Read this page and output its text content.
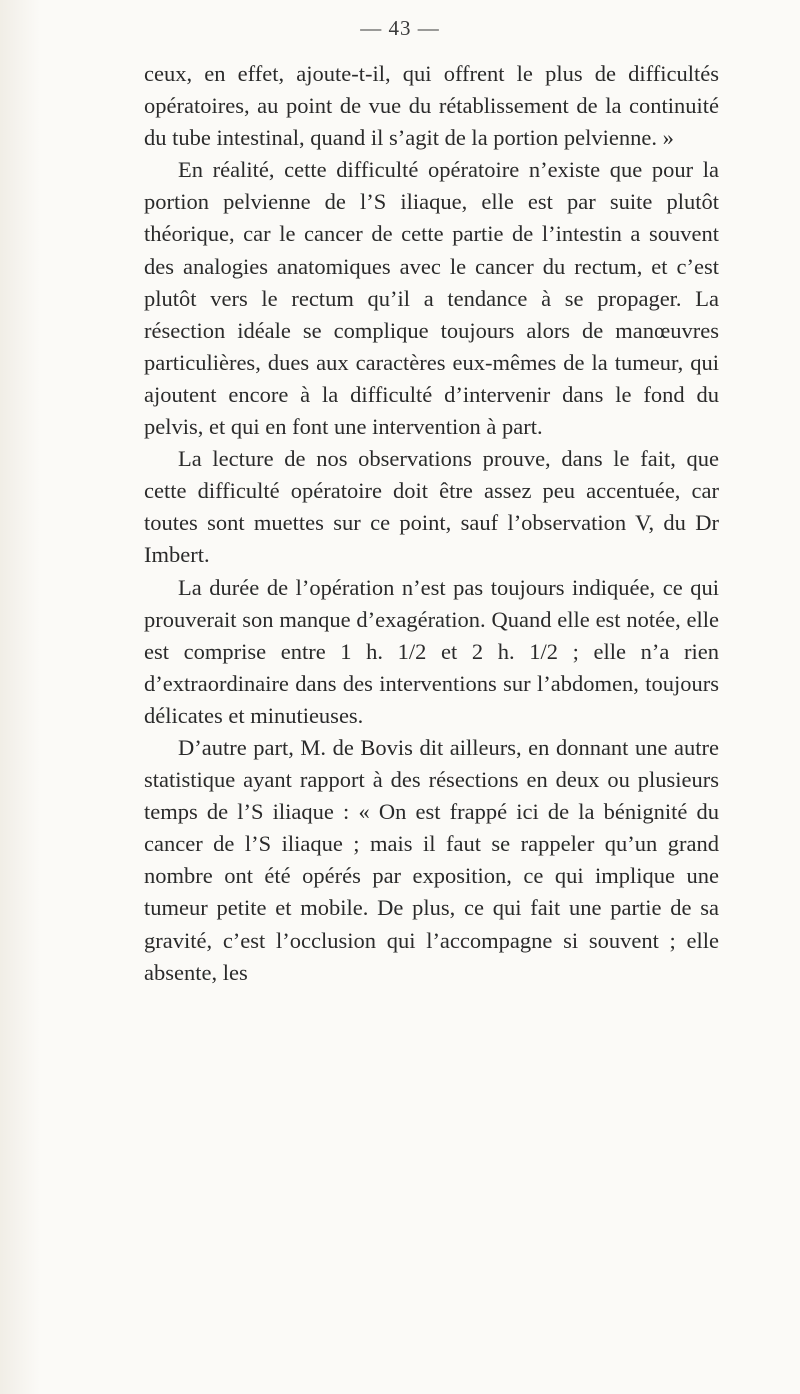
— 43 —

ceux, en effet, ajoute-t-il, qui offrent le plus de difficultés opératoires, au point de vue du rétablissement de la continuité du tube intestinal, quand il s’agit de la portion pelvienne. »

En réalité, cette difficulté opératoire n’existe que pour la portion pelvienne de l’S iliaque, elle est par suite plutôt théorique, car le cancer de cette partie de l’intestin a souvent des analogies anatomiques avec le cancer du rectum, et c’est plutôt vers le rectum qu’il a tendance à se propager. La résection idéale se complique toujours alors de manœuvres particulières, dues aux caractères eux-mêmes de la tumeur, qui ajoutent encore à la difficulté d’intervenir dans le fond du pelvis, et qui en font une intervention à part.

La lecture de nos observations prouve, dans le fait, que cette difficulté opératoire doit être assez peu accentuée, car toutes sont muettes sur ce point, sauf l’observation V, du Dr Imbert.

La durée de l’opération n’est pas toujours indiquée, ce qui prouverait son manque d’exagération. Quand elle est notée, elle est comprise entre 1 h. 1/2 et 2 h. 1/2 ; elle n’a rien d’extraordinaire dans des interventions sur l’abdomen, toujours délicates et minutieuses.

D’autre part, M. de Bovis dit ailleurs, en donnant une autre statistique ayant rapport à des résections en deux ou plusieurs temps de l’S iliaque : « On est frappé ici de la bénignité du cancer de l’S iliaque ; mais il faut se rappeler qu’un grand nombre ont été opérés par exposition, ce qui implique une tumeur petite et mobile. De plus, ce qui fait une partie de sa gravité, c’est l’occlusion qui l’accompagne si souvent ; elle absente, les
